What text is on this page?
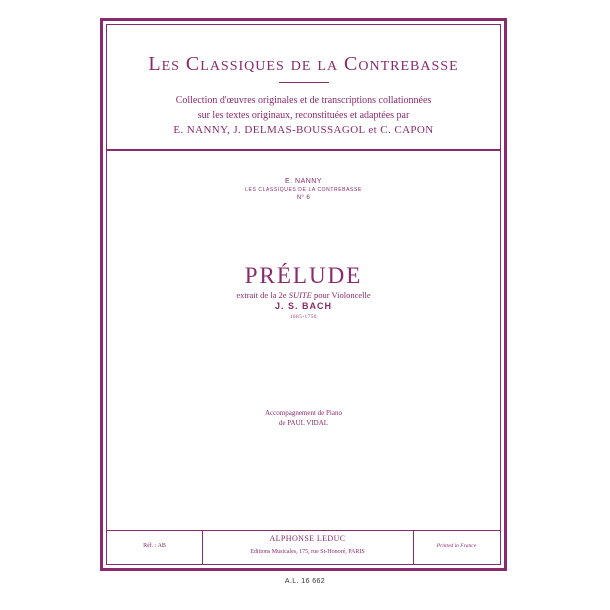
Les Classiques de la Contrebasse
Collection d'œuvres originales et de transcriptions collationnées
sur les textes originaux, reconstituées et adaptées par
E. NANNY, J. DELMAS-BOUSSAGOL et C. CAPON
E. NANNY
LES CLASSIQUES DE LA CONTREBASSE
N° 6
PRÉLUDE
extrait de la 2e SUITE pour Violoncelle
J. S. BACH
1685-1750
Accompagnement de Piano
de PAUL VIDAL
Réf. : AB
ALPHONSE LEDUC
Editions Musicales, 175, rue St-Honoré, PARIS
Printed in France
A.L. 16 662
